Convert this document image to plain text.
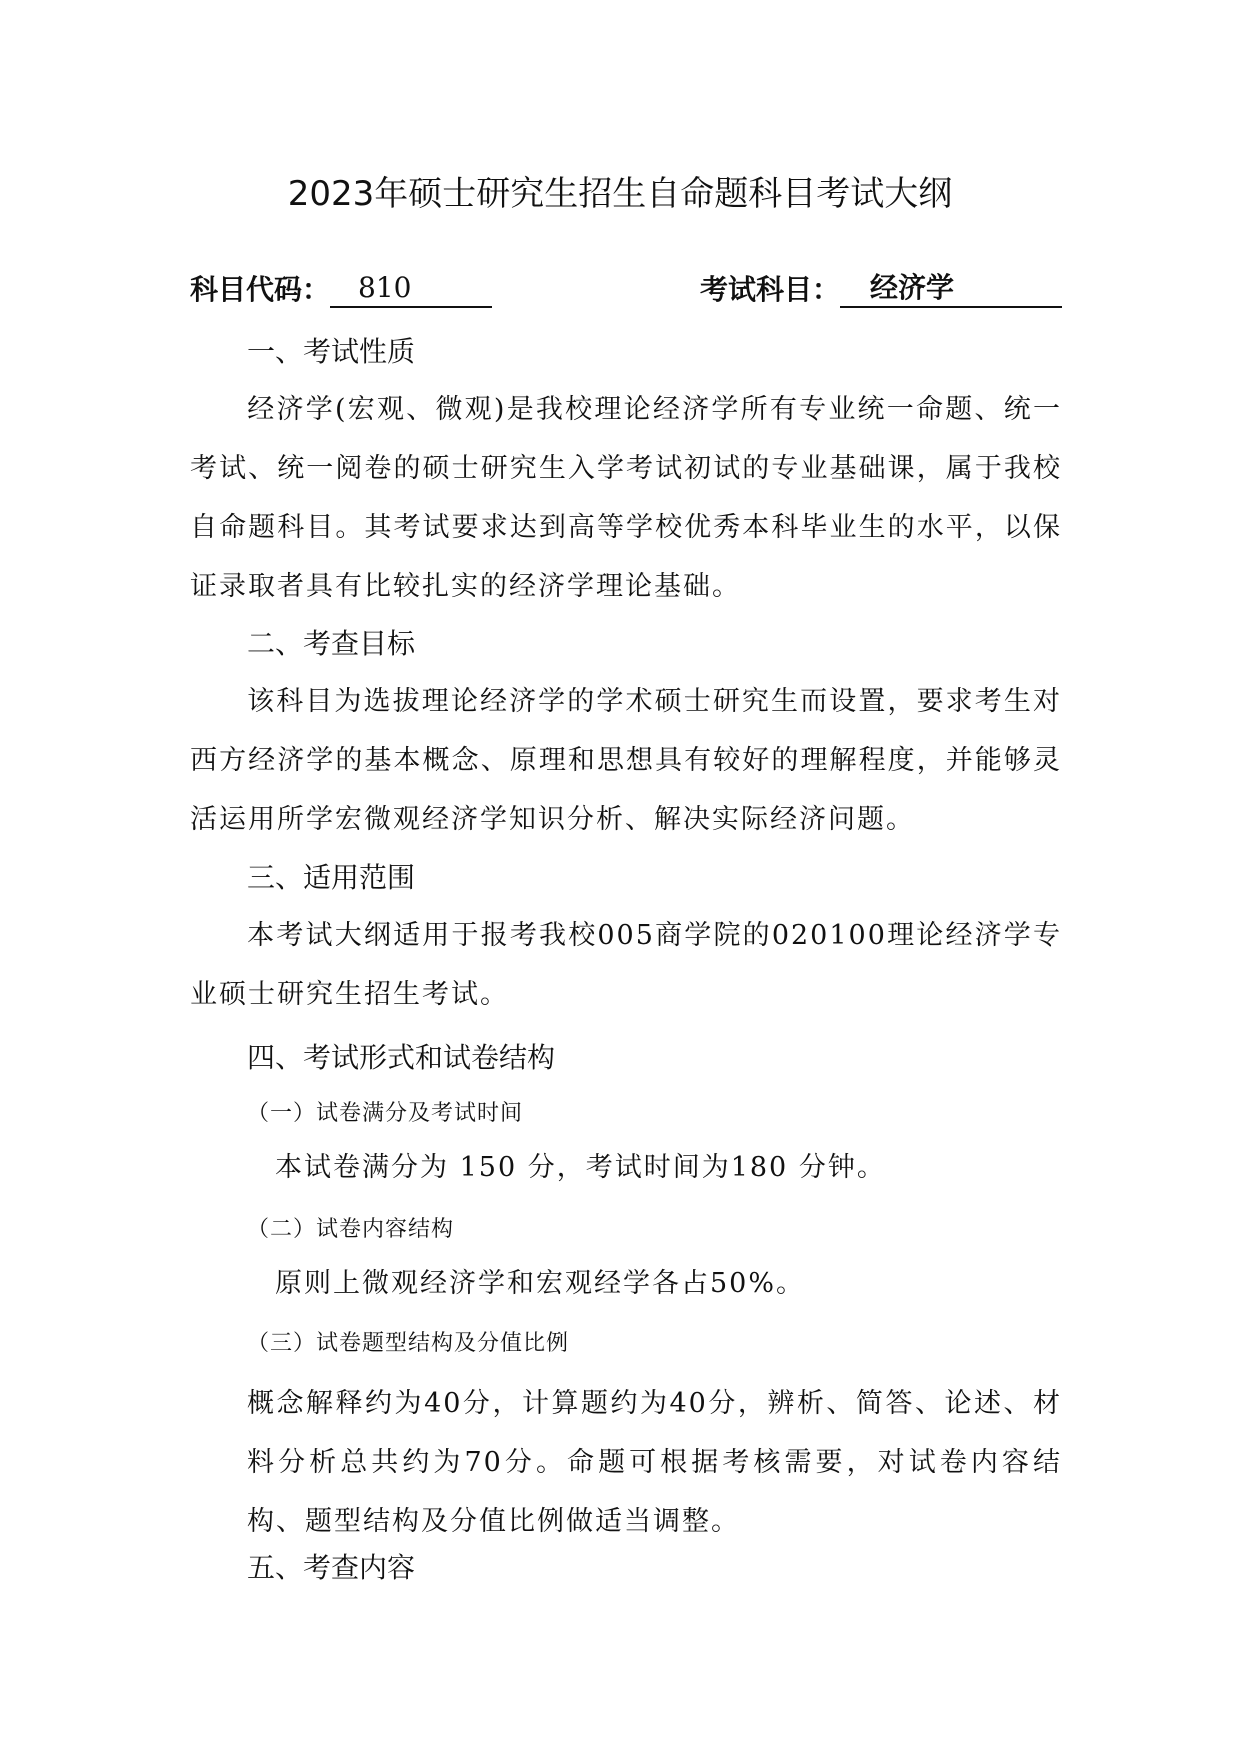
2023年硕士研究生招生自命题科目考试大纲
科目代码： 810	考试科目：	经济学
一、考试性质
经济学(宏观、微观)是我校理论经济学所有专业统一命题、统一考试、统一阅卷的硕士研究生入学考试初试的专业基础课，属于我校自命题科目。其考试要求达到高等学校优秀本科毕业生的水平，以保证录取者具有比较扎实的经济学理论基础。
二、考查目标
该科目为选拔理论经济学的学术硕士研究生而设置，要求考生对西方经济学的基本概念、原理和思想具有较好的理解程度，并能够灵活运用所学宏微观经济学知识分析、解决实际经济问题。
三、适用范围
本考试大纲适用于报考我校005商学院的020100理论经济学专业硕士研究生招生考试。
四、考试形式和试卷结构
（一）试卷满分及考试时间
本试卷满分为 150 分，考试时间为180 分钟。
（二）试卷内容结构
原则上微观经济学和宏观经学各占50%。
（三）试卷题型结构及分值比例
概念解释约为40分，计算题约为40分，辨析、简答、论述、材料分析总共约为70分。命题可根据考核需要，对试卷内容结构、题型结构及分值比例做适当调整。
五、考查内容
